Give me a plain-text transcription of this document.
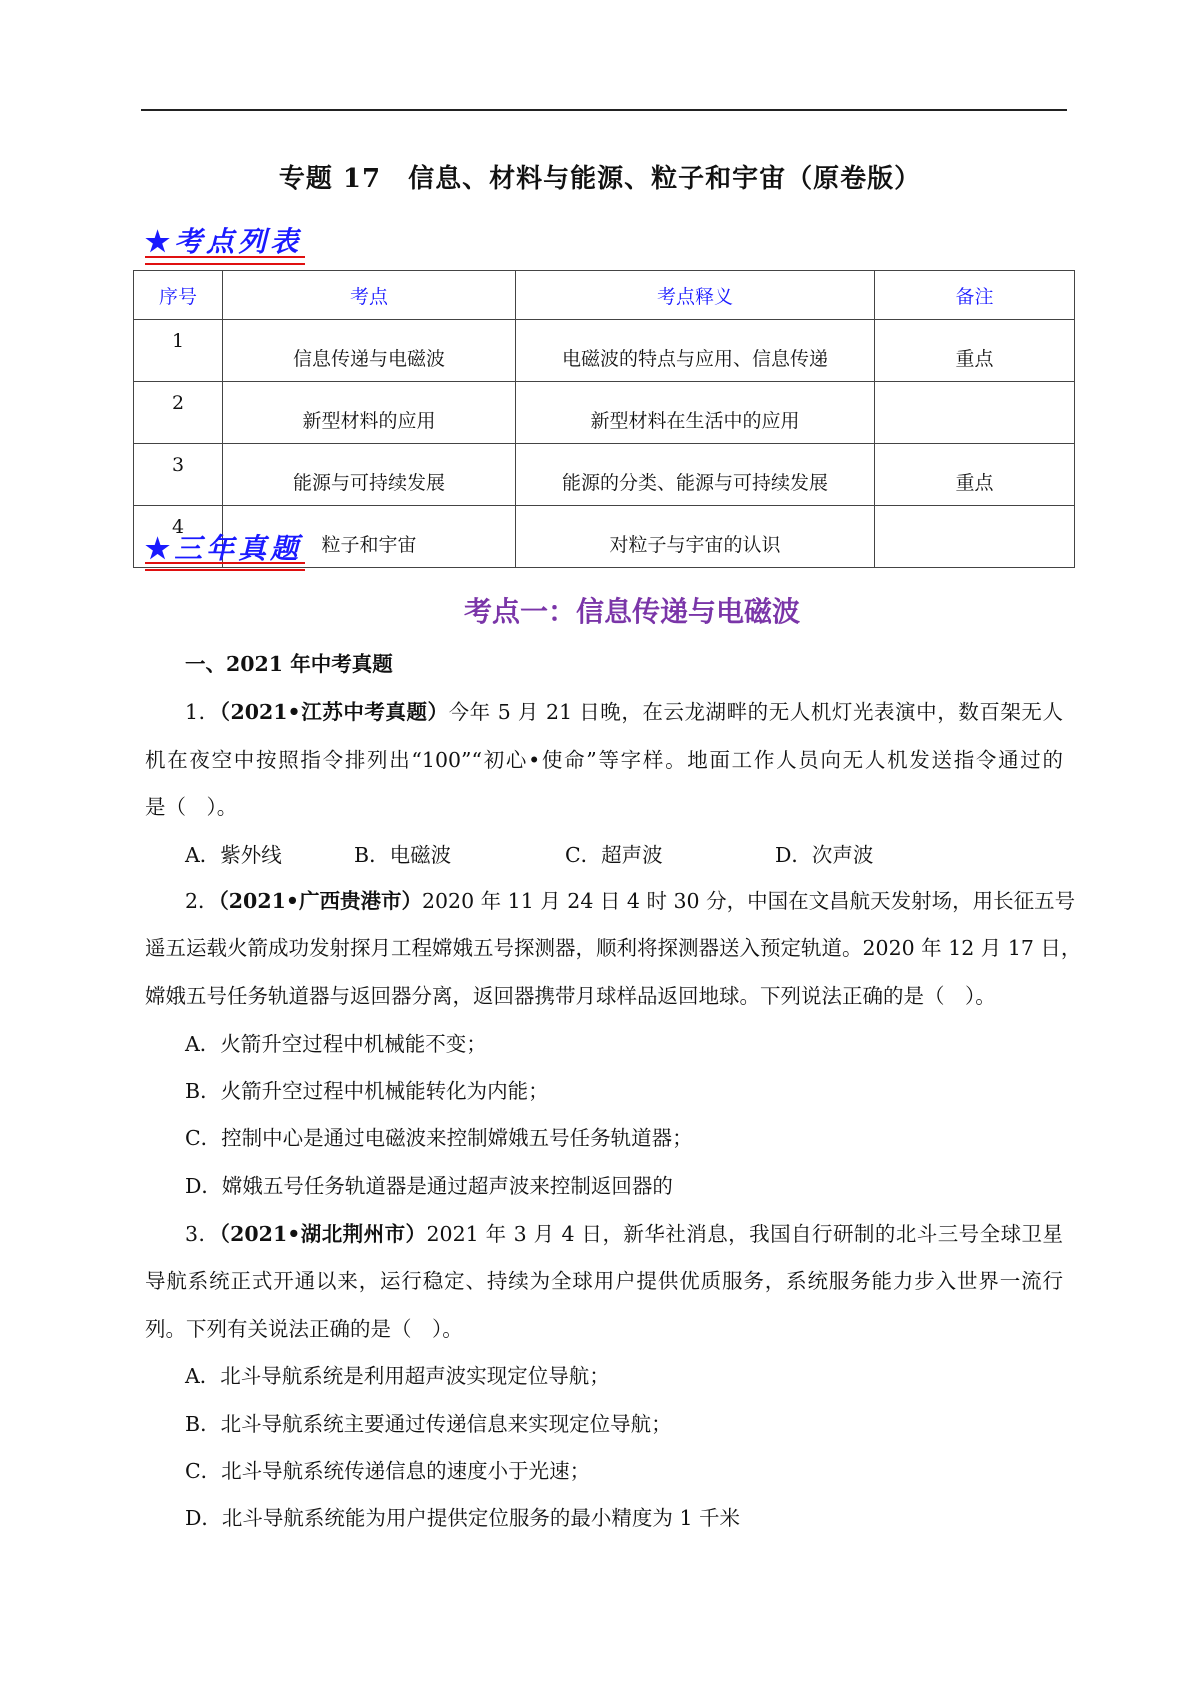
专题 17　信息、材料与能源、粒子和宇宙（原卷版）
★考点列表
序号	考点	考点释义	备注
1	信息传递与电磁波	电磁波的特点与应用、信息传递	重点
2	新型材料的应用	新型材料在生活中的应用	
3	能源与可持续发展	能源的分类、能源与可持续发展	重点
4	粒子和宇宙	对粒子与宇宙的认识	
★三年真题
考点一：信息传递与电磁波
一、2021 年中考真题
1．（2021•江苏中考真题）今年 5 月 21 日晚，在云龙湖畔的无人机灯光表演中，数百架无人
机在夜空中按照指令排列出“100”“初心•使命”等字样。地面工作人员向无人机发送指令通过的
是（　）。
A．紫外线	B．电磁波	C．超声波	D．次声波
2．（2021•广西贵港市）2020 年 11 月 24 日 4 时 30 分，中国在文昌航天发射场，用长征五号
遥五运载火箭成功发射探月工程嫦娥五号探测器，顺利将探测器送入预定轨道。2020 年 12 月 17 日，
嫦娥五号任务轨道器与返回器分离，返回器携带月球样品返回地球。下列说法正确的是（　）。
A．火箭升空过程中机械能不变；
B．火箭升空过程中机械能转化为内能；
C．控制中心是通过电磁波来控制嫦娥五号任务轨道器；
D．嫦娥五号任务轨道器是通过超声波来控制返回器的
3．（2021•湖北荆州市）2021 年 3 月 4 日，新华社消息，我国自行研制的北斗三号全球卫星
导航系统正式开通以来，运行稳定、持续为全球用户提供优质服务，系统服务能力步入世界一流行
列。下列有关说法正确的是（　）。
A．北斗导航系统是利用超声波实现定位导航；
B．北斗导航系统主要通过传递信息来实现定位导航；
C．北斗导航系统传递信息的速度小于光速；
D．北斗导航系统能为用户提供定位服务的最小精度为 1 千米
